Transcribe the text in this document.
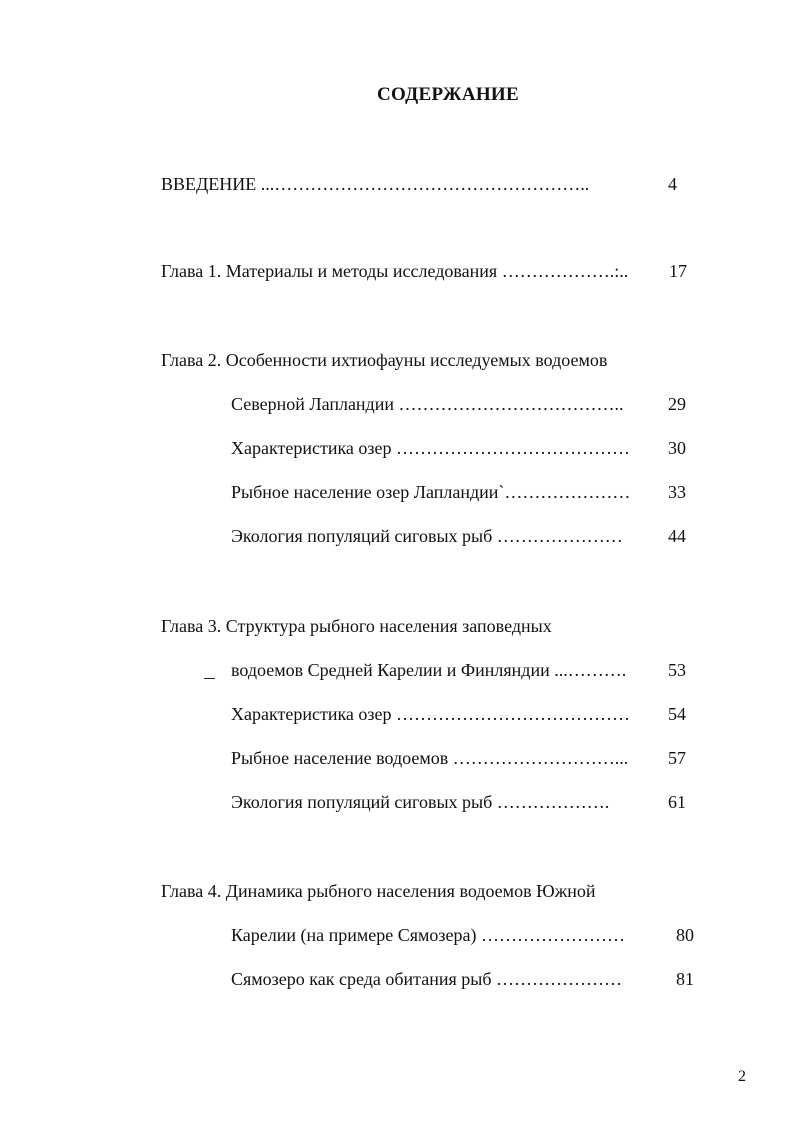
СОДЕРЖАНИЕ
ВВЕДЕНИЕ ...……………………………………………..	4
Глава 1. Материалы и методы исследования ……………….:..	17
Глава 2. Особенности ихтиофауны исследуемых водоемов
Северной Лапландии ………………………………..	29
Характеристика озер …………………………………	30
Рыбное население озер Лапландии`…………………	33
Экология популяций сиговых рыб …………………	44
Глава 3. Структура рыбного населения заповедных
водоемов Средней Карелии и Финляндии ...……….	53
Характеристика озер …………………………………	54
Рыбное население водоемов ………………………...	57
Экология популяций сиговых рыб ……………….	61
Глава 4. Динамика рыбного населения водоемов Южной
Карелии (на примере Сямозера) ……………………	80
Сямозеро как среда обитания рыб …………………	81
2
